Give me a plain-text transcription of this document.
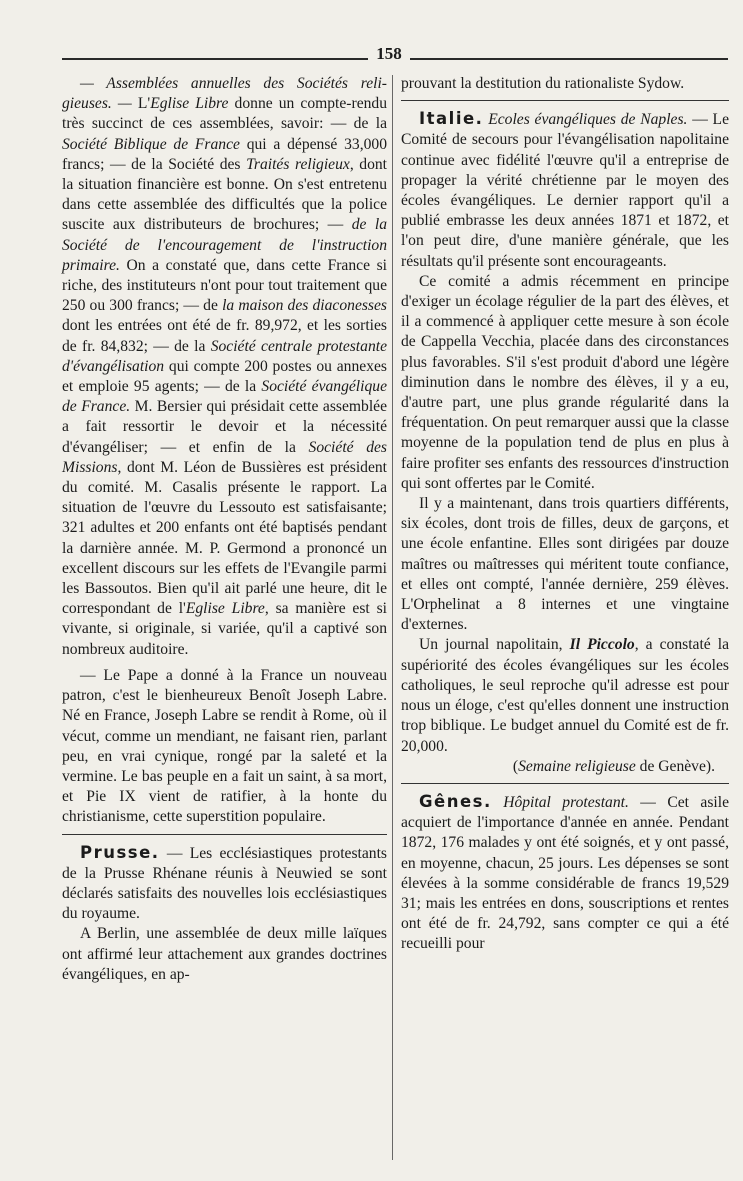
158

— Assemblées annuelles des Sociétés reli-gieuses. — L'Eglise Libre donne un compte-rendu très succinct de ces assemblées, savoir: — de la Société Biblique de France qui a dépensé 33,000 francs; — de la Société des Traités religieux, dont la situation financière est bonne. On s'est entretenu dans cette assemblée des difficultés que la police suscite aux distributeurs de brochures; — de la Société de l'encouragement de l'instruction primaire. On a constaté que, dans cette France si riche, des instituteurs n'ont pour tout traitement que 250 ou 300 francs; — de la maison des diaconesses dont les entrées ont été de fr. 89,972, et les sorties de fr. 84,832; — de la Société centrale protestante d'évangélisation qui compte 200 postes ou annexes et emploie 95 agents; — de la Société évangélique de France. M. Bersier qui présidait cette assemblée a fait ressortir le devoir et la nécessité d'évangéliser; — et enfin de la Société des Missions, dont M. Léon de Bussières est président du comité. M. Casalis présente le rapport. La situation de l'œuvre du Lessouto est satisfaisante; 321 adultes et 200 enfants ont été baptisés pendant la darnière année. M. P. Germond a prononcé un excellent discours sur les effets de l'Evangile parmi les Bassoutos. Bien qu'il ait parlé une heure, dit le correspondant de l'Eglise Libre, sa manière est si vivante, si originale, si variée, qu'il a captivé son nombreux auditoire.

— Le Pape a donné à la France un nouveau patron, c'est le bienheureux Benoît Joseph Labre. Né en France, Joseph Labre se rendit à Rome, où il vécut, comme un mendiant, ne faisant rien, parlant peu, en vrai cynique, rongé par la saleté et la vermine. Le bas peuple en a fait un saint, à sa mort, et Pie IX vient de ratifier, à la honte du christianisme, cette superstition populaire.

Prusse. — Les ecclésiastiques protestants de la Prusse Rhénane réunis à Neuwied se sont déclarés satisfaits des nouvelles lois ecclésiastiques du royaume.

A Berlin, une assemblée de deux mille laïques ont affirmé leur attachement aux grandes doctrines évangéliques, en ap-

prouvant la destitution du rationaliste Sydow.

Italie. Ecoles évangéliques de Naples. — Le Comité de secours pour l'évangélisation napolitaine continue avec fidélité l'œuvre qu'il a entreprise de propager la vérité chrétienne par le moyen des écoles évangéliques. Le dernier rapport qu'il a publié embrasse les deux années 1871 et 1872, et l'on peut dire, d'une manière générale, que les résultats qu'il présente sont encourageants.

Ce comité a admis récemment en principe d'exiger un écolage régulier de la part des élèves, et il a commencé à appliquer cette mesure à son école de Cappella Vecchia, placée dans des circonstances plus favorables. S'il s'est produit d'abord une légère diminution dans le nombre des élèves, il y a eu, d'autre part, une plus grande régularité dans la fréquentation. On peut remarquer aussi que la classe moyenne de la population tend de plus en plus à faire profiter ses enfants des ressources d'instruction qui sont offertes par le Comité.

Il y a maintenant, dans trois quartiers différents, six écoles, dont trois de filles, deux de garçons, et une école enfantine. Elles sont dirigées par douze maîtres ou maîtresses qui méritent toute confiance, et elles ont compté, l'année dernière, 259 élèves. L'Orphelinat a 8 internes et une vingtaine d'externes.

Un journal napolitain, Il Piccolo, a constaté la supériorité des écoles évangéliques sur les écoles catholiques, le seul reproche qu'il adresse est pour nous un éloge, c'est qu'elles donnent une instruction trop biblique. Le budget annuel du Comité est de fr. 20,000.

(Semaine religieuse de Genève).

Gênes. Hôpital protestant. — Cet asile acquiert de l'importance d'année en année. Pendant 1872, 176 malades y ont été soignés, et y ont passé, en moyenne, chacun, 25 jours. Les dépenses se sont élevées à la somme considérable de francs 19,529 31; mais les entrées en dons, souscriptions et rentes ont été de fr. 24,792, sans compter ce qui a été recueilli pour
